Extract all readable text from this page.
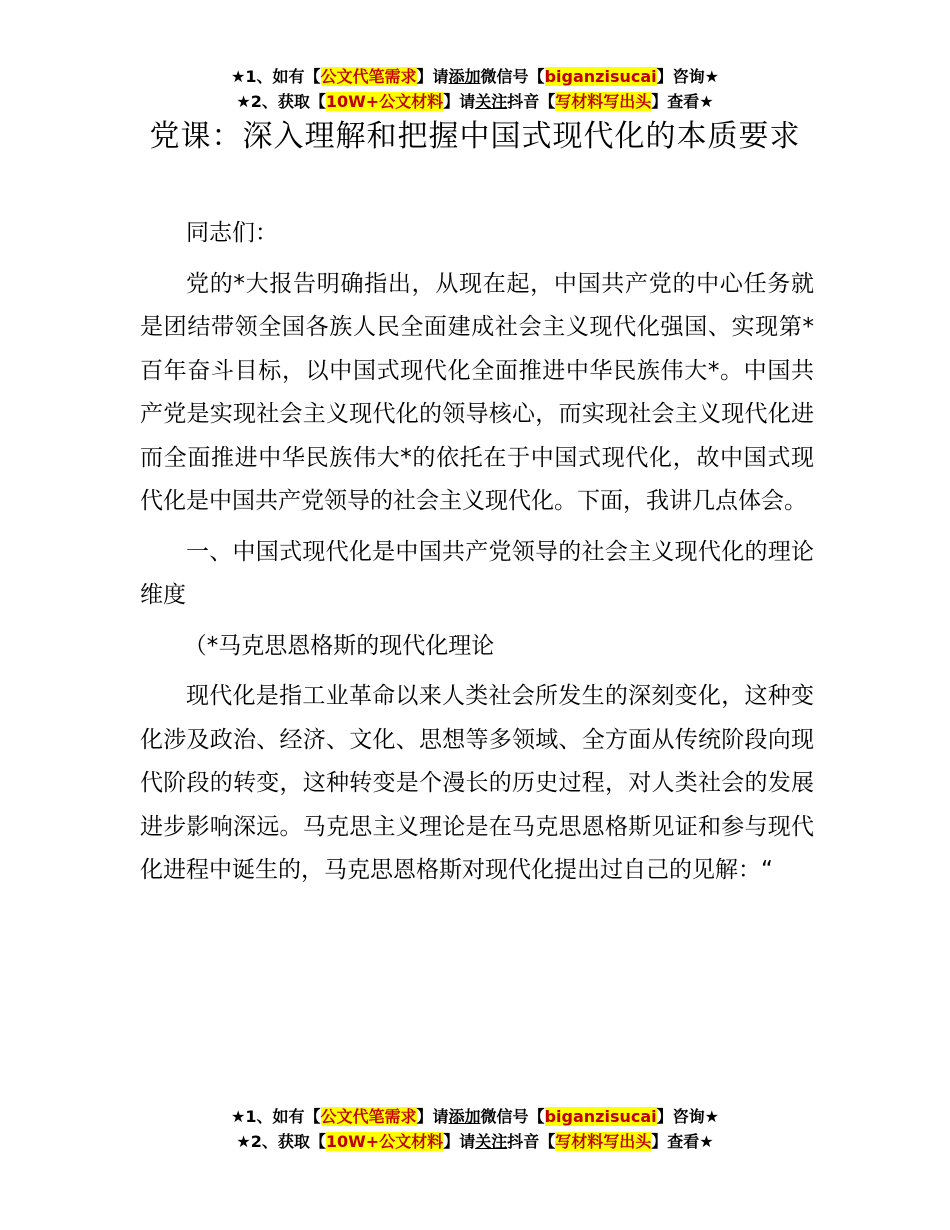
★1、如有【公文代笔需求】请添加微信号【biganzisucai】咨询★
★2、获取【10W+公文材料】请关注抖音【写材料写出头】查看★
党课：深入理解和把握中国式现代化的本质要求

同志们：

党的*大报告明确指出，从现在起，中国共产党的中心任务就是团结带领全国各族人民全面建成社会主义现代化强国、实现第*百年奋斗目标，以中国式现代化全面推进中华民族伟大*。中国共产党是实现社会主义现代化的领导核心，而实现社会主义现代化进而全面推进中华民族伟大*的依托在于中国式现代化，故中国式现代化是中国共产党领导的社会主义现代化。下面，我讲几点体会。

一、中国式现代化是中国共产党领导的社会主义现代化的理论维度

（*马克思恩格斯的现代化理论

现代化是指工业革命以来人类社会所发生的深刻变化，这种变化涉及政治、经济、文化、思想等多领域、全方面从传统阶段向现代阶段的转变，这种转变是个漫长的历史过程，对人类社会的发展进步影响深远。马克思主义理论是在马克思恩格斯见证和参与现代化进程中诞生的，马克思恩格斯对现代化提出过自己的见解：“

★1、如有【公文代笔需求】请添加微信号【biganzisucai】咨询★
★2、获取【10W+公文材料】请关注抖音【写材料写出头】查看★
